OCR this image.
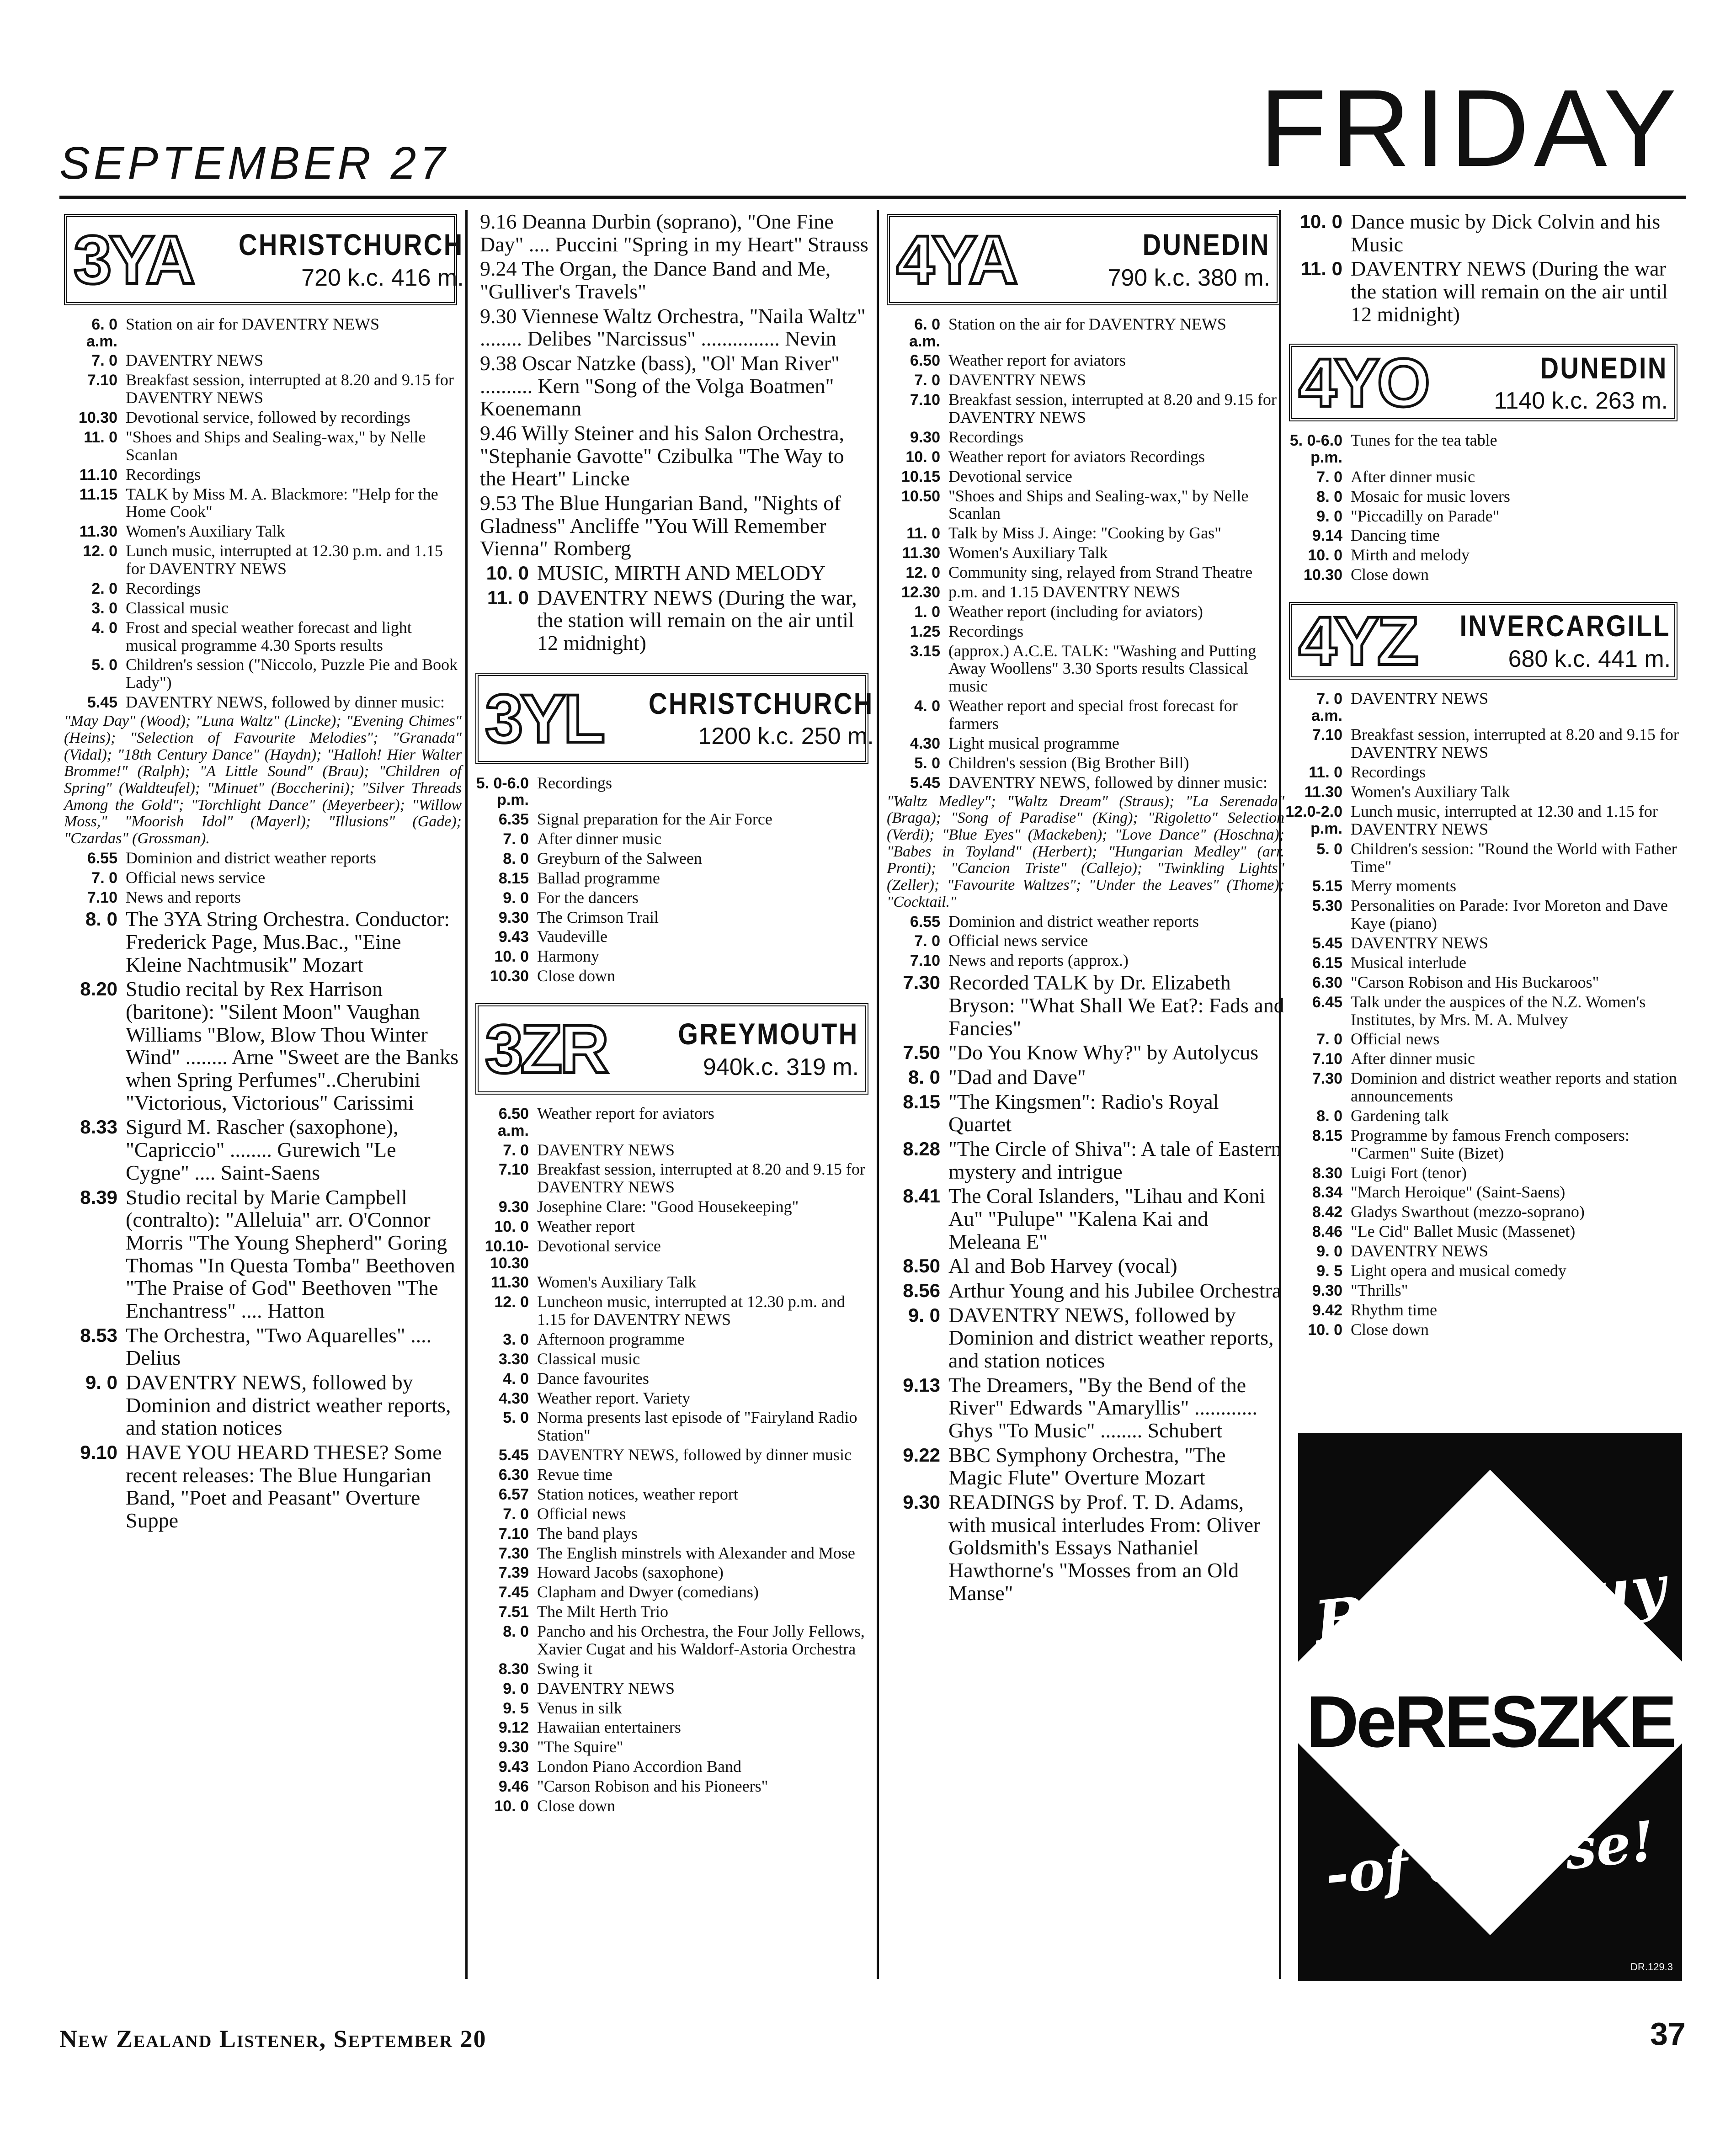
SEPTEMBER 27	FRIDAY
3YA CHRISTCHURCH
720 k.c. 416 m.
6. 0 a.m.
Station on air for DAVENTRY NEWS
7. 0 DAVENTRY NEWS
7.10 Breakfast session, interrupted at 8.20 and 9.15 for DAVENTRY NEWS
10.30 Devotional service, followed by recordings
11. 0 "Shoes and Ships and Sealing-wax," by Nelle Scanlan
11.10 Recordings
11.15 TALK by Miss M. A. Blackmore: "Help for the Home Cook"
11.30 Women's Auxiliary Talk
12. 0 Lunch music, interrupted at 12.30 p.m. and 1.15 for DAVENTRY NEWS
2. 0 Recordings
3. 0 Classical music
4. 0 Frost and special weather forecast and light musical programme 4.30 Sports results
5. 0 Children's session ("Niccolo, Puzzle Pie and Book Lady")
5.45 DAVENTRY NEWS, followed by dinner music:
"May Day" (Wood); "Luna Waltz" (Lincke); "Evening Chimes" (Heins); "Selection of Favourite Melodies"; "Granada" (Vidal); "18th Century Dance" (Haydn); "Halloh! Hier Walter Bromme!" (Ralph); "A Little Sound" (Brau); "Children of Spring" (Waldteufel); "Minuet" (Boccherini); "Silver Threads Among the Gold"; "Torchlight Dance" (Meyerbeer); "Willow Moss," "Moorish Idol" (Mayerl); "Illusions" (Gade); "Czardas" (Grossman).
6.55 Dominion and district weather reports
7. 0 Official news service
7.10 News and reports
8. 0 The 3YA String Orchestra. Conductor: Frederick Page, Mus.Bac., "Eine Kleine Nachtmusik" Mozart
8.20 Studio recital by Rex Harrison (baritone): "Silent Moon" Vaughan Williams "Blow, Blow Thou Winter Wind" ........ Arne "Sweet are the Banks when Spring Perfumes"..Cherubini "Victorious, Victorious" Carissimi
8.33 Sigurd M. Rascher (saxophone), "Capriccio" ........ Gurewich "Le Cygne" .... Saint-Saens
8.39 Studio recital by Marie Campbell (contralto): "Alleluia" arr. O'Connor Morris "The Young Shepherd" Goring Thomas "In Questa Tomba" Beethoven "The Praise of God" Beethoven "The Enchantress" .... Hatton
8.53 The Orchestra, "Two Aquarelles" .... Delius
9. 0 DAVENTRY NEWS, followed by Dominion and district weather reports, and station notices
9.10 HAVE YOU HEARD THESE? Some recent releases: The Blue Hungarian Band, "Poet and Peasant" Overture Suppe
9.16 Deanna Durbin (soprano), "One Fine Day" .... Puccini "Spring in my Heart" Strauss
9.24 The Organ, the Dance Band and Me, "Gulliver's Travels"
9.30 Viennese Waltz Orchestra, "Naila Waltz" ........ Delibes "Narcissus" ............... Nevin
9.38 Oscar Natzke (bass), "Ol' Man River" .......... Kern "Song of the Volga Boatmen" Koenemann
9.46 Willy Steiner and his Salon Orchestra, "Stephanie Gavotte" Czibulka "The Way to the Heart" Lincke
9.53 The Blue Hungarian Band, "Nights of Gladness" Ancliffe "You Will Remember Vienna" Romberg
10. 0 MUSIC, MIRTH AND MELODY
11. 0 DAVENTRY NEWS (During the war, the station will remain on the air until 12 midnight)
3YL CHRISTCHURCH
1200 k.c. 250 m.
5. 0-6.0 p.m.
Recordings
6.35 Signal preparation for the Air Force
7. 0 After dinner music
8. 0 Greyburn of the Salween
8.15 Ballad programme
9. 0 For the dancers
9.30 The Crimson Trail
9.43 Vaudeville
10. 0 Harmony
10.30 Close down
3ZR	GREYMOUTH
940k.c. 319 m.
6.50 a.m.
Weather report for aviators
7. 0 DAVENTRY NEWS
7.10 Breakfast session, interrupted at 8.20 and 9.15 for DAVENTRY NEWS
9.30 Josephine Clare: "Good Housekeeping"
10. 0 Weather report
10.10-10.30
Devotional service
11.30 Women's Auxiliary Talk
12. 0 Luncheon music, interrupted at 12.30 p.m. and 1.15 for DAVENTRY NEWS
3. 0 Afternoon programme
3.30 Classical music
4. 0 Dance favourites
4.30 Weather report. Variety
5. 0 Norma presents last episode of "Fairyland Radio Station"
5.45 DAVENTRY NEWS, followed by dinner music
6.30 Revue time
6.57 Station notices, weather report
7. 0 Official news
7.10 The band plays
7.30 The English minstrels with Alexander and Mose
7.39 Howard Jacobs (saxophone)
7.45 Clapham and Dwyer (comedians)
7.51 The Milt Herth Trio
8. 0 Pancho and his Orchestra, the Four Jolly Fellows, Xavier Cugat and his Waldorf-Astoria Orchestra
8.30 Swing it
9. 0 DAVENTRY NEWS
9. 5 Venus in silk
9.12 Hawaiian entertainers
9.30 "The Squire"
9.43 London Piano Accordion Band
9.46 "Carson Robison and his Pioneers"
10. 0 Close down
4YA	DUNEDIN
790 k.c. 380 m.
6. 0 a.m.
Station on the air for DAVENTRY NEWS
6.50 Weather report for aviators
7. 0 DAVENTRY NEWS
7.10 Breakfast session, interrupted at 8.20 and 9.15 for DAVENTRY NEWS
9.30 Recordings
10. 0 Weather report for aviators Recordings
10.15 Devotional service
10.50 "Shoes and Ships and Sealing-wax," by Nelle Scanlan
11. 0 Talk by Miss J. Ainge: "Cooking by Gas"
11.30 Women's Auxiliary Talk
12. 0 Community sing, relayed from Strand Theatre
12.30 p.m. and 1.15 DAVENTRY NEWS
1. 0 Weather report (including for aviators)
1.25 Recordings
3.15 (approx.) A.C.E. TALK: "Washing and Putting Away Woollens" 3.30 Sports results Classical music
4. 0 Weather report and special frost forecast for farmers
4.30 Light musical programme
5. 0 Children's session (Big Brother Bill)
5.45 DAVENTRY NEWS, followed by dinner music:
"Waltz Medley"; "Waltz Dream" (Straus); "La Serenada" (Braga); "Song of Paradise" (King); "Rigoletto" Selection (Verdi); "Blue Eyes" (Mackeben); "Love Dance" (Hoschna); "Babes in Toyland" (Herbert); "Hungarian Medley" (arr. Pronti); "Cancion Triste" (Callejo); "Twinkling Lights" (Zeller); "Favourite Waltzes"; "Under the Leaves" (Thome); "Cocktail."
6.55 Dominion and district weather reports
7. 0 Official news service
7.10 News and reports (approx.)
7.30 Recorded TALK by Dr. Elizabeth Bryson: "What Shall We Eat?: Fads and Fancies"
7.50 "Do You Know Why?" by Autolycus
8. 0 "Dad and Dave"
8.15 "The Kingsmen": Radio's Royal Quartet
8.28 "The Circle of Shiva": A tale of Eastern mystery and intrigue
8.41 The Coral Islanders, "Lihau and Koni Au" "Pulupe" "Kalena Kai and Meleana E"
8.50 Al and Bob Harvey (vocal)
8.56 Arthur Young and his Jubilee Orchestra
9. 0 DAVENTRY NEWS, followed by Dominion and district weather reports, and station notices
9.13 The Dreamers, "By the Bend of the River" Edwards "Amaryllis" ............ Ghys "To Music" ........ Schubert
9.22 BBC Symphony Orchestra, "The Magic Flute" Overture Mozart
9.30 READINGS by Prof. T. D. Adams, with musical interludes From: Oliver Goldsmith's Essays Nathaniel Hawthorne's "Mosses from an Old Manse"
10. 0 Dance music by Dick Colvin and his Music
11. 0 DAVENTRY NEWS (During the war the station will remain on the air until 12 midnight)
4YO	DUNEDIN
1140 k.c. 263 m.
5. 0-6.0 p.m.
Tunes for the tea table
7. 0 After dinner music
8. 0 Mosaic for music lovers
9. 0 "Piccadilly on Parade"
9.14 Dancing time
10. 0 Mirth and melody
10.30 Close down
4YZ INVERCARGILL
680 k.c. 441 m.
7. 0 a.m.
DAVENTRY NEWS
7.10 Breakfast session, interrupted at 8.20 and 9.15 for DAVENTRY NEWS
11. 0 Recordings
11.30 Women's Auxiliary Talk
12.0-2.0 p.m.
Lunch music, interrupted at 12.30 and 1.15 for DAVENTRY NEWS
5. 0 Children's session: "Round the World with Father Time"
5.15 Merry moments
5.30 Personalities on Parade: Ivor Moreton and Dave Kaye (piano)
5.45 DAVENTRY NEWS
6.15 Musical interlude
6.30 "Carson Robison and His Buckaroos"
6.45 Talk under the auspices of the N.Z. Women's Institutes, by Mrs. M. A. Mulvey
7. 0 Official news
7.10 After dinner music
7.30 Dominion and district weather reports and station announcements
8. 0 Gardening talk
8.15 Programme by famous French composers: "Carmen" Suite (Bizet)
8.30 Luigi Fort (tenor)
8.34 "March Heroique" (Saint-Saens)
8.42 Gladys Swarthout (mezzo-soprano)
8.46 "Le Cid" Ballet Music (Massenet)
9. 0 DAVENTRY NEWS
9. 5 Light opera and musical comedy
9.30 "Thrills"
9.42 Rhythm time
10. 0 Close down
Better buy
DeRESZKE
-of course!
DR.129.3
New Zealand Listener, September 20	37
